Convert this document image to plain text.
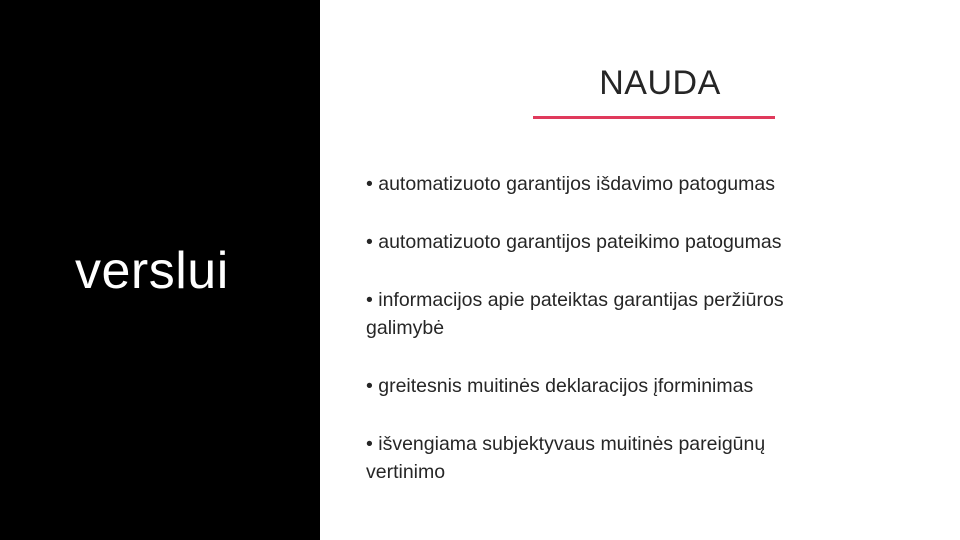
verslui
NAUDA
• automatizuoto garantijos išdavimo patogumas
• automatizuoto garantijos pateikimo patogumas
• informacijos apie pateiktas garantijas peržiūros
galimybė
• greitesnis muitinės deklaracijos įforminimas
• išvengiama subjektyvaus muitinės pareigūnų
vertinimo
